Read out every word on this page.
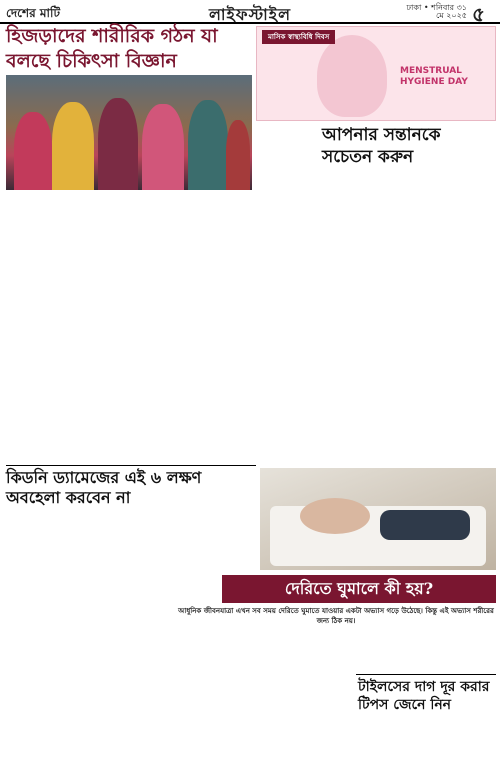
দেশের মাটি	লাইফস্টাইল	ঢাকা • শনিবার ৩১ মে ২০২৫ ৫
হিজড়াদের শারীরিক গঠন যা বলছে চিকিৎসা বিজ্ঞান
কিডনি ড্যামেজের এই ৬ লক্ষণ অবহেলা করবেন না
দেরিতে ঘুমালে কী হয়?
আধুনিক জীবনযাত্রা এখন সব সময় দেরিতে ঘুমাতে যাওয়ার একটা অভ্যাস গড়ে উঠেছে। কিন্তু এই অভ্যাস শরীরের জন্য ঠিক নয়।
মাসিক স্বাস্থ্যবিধি দিবস
MENSTRUAL HYGIENE DAY
আপনার সন্তানকে সচেতন করুন
টাইলসের দাগ দূর করার টিপস জেনে নিন
